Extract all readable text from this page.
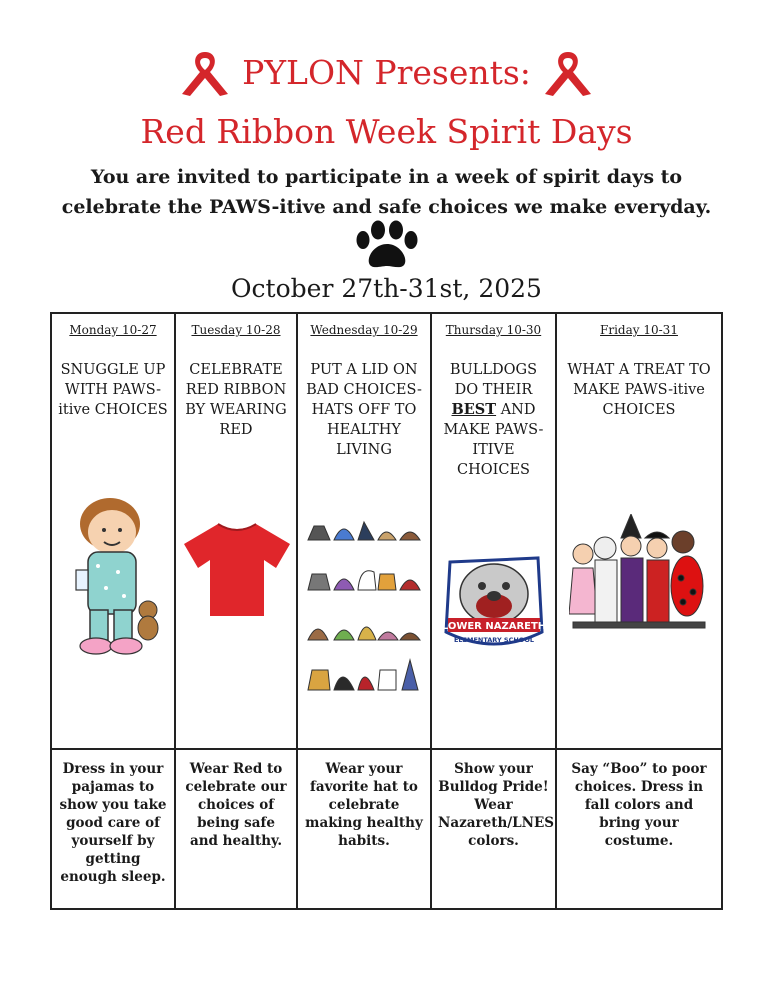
PYLON Presents:
Red Ribbon Week Spirit Days
You are invited to participate in a week of spirit days to
celebrate the PAWS-itive and safe choices we make everyday.
October 27th-31st, 2025
Monday 10-27
SNUGGLE UP WITH PAWS-itive CHOICES
Dress in your pajamas to show you take good care of yourself by getting enough sleep.
Tuesday 10-28
CELEBRATE RED RIBBON BY WEARING RED
Wear Red to celebrate our choices of being safe and healthy.
Wednesday 10-29
PUT A LID ON BAD CHOICES- HATS OFF TO HEALTHY LIVING
Wear your favorite hat to celebrate making healthy habits.
Thursday 10-30
BULLDOGS DO THEIR BEST AND MAKE PAWS-ITIVE CHOICES
LOWER NAZARETH
ELEMENTARY SCHOOL
Show your Bulldog Pride! Wear Nazareth/LNES colors.
Friday 10-31
WHAT A TREAT TO MAKE PAWS-itive CHOICES
Say “Boo” to poor choices. Dress in fall colors and bring your costume.
